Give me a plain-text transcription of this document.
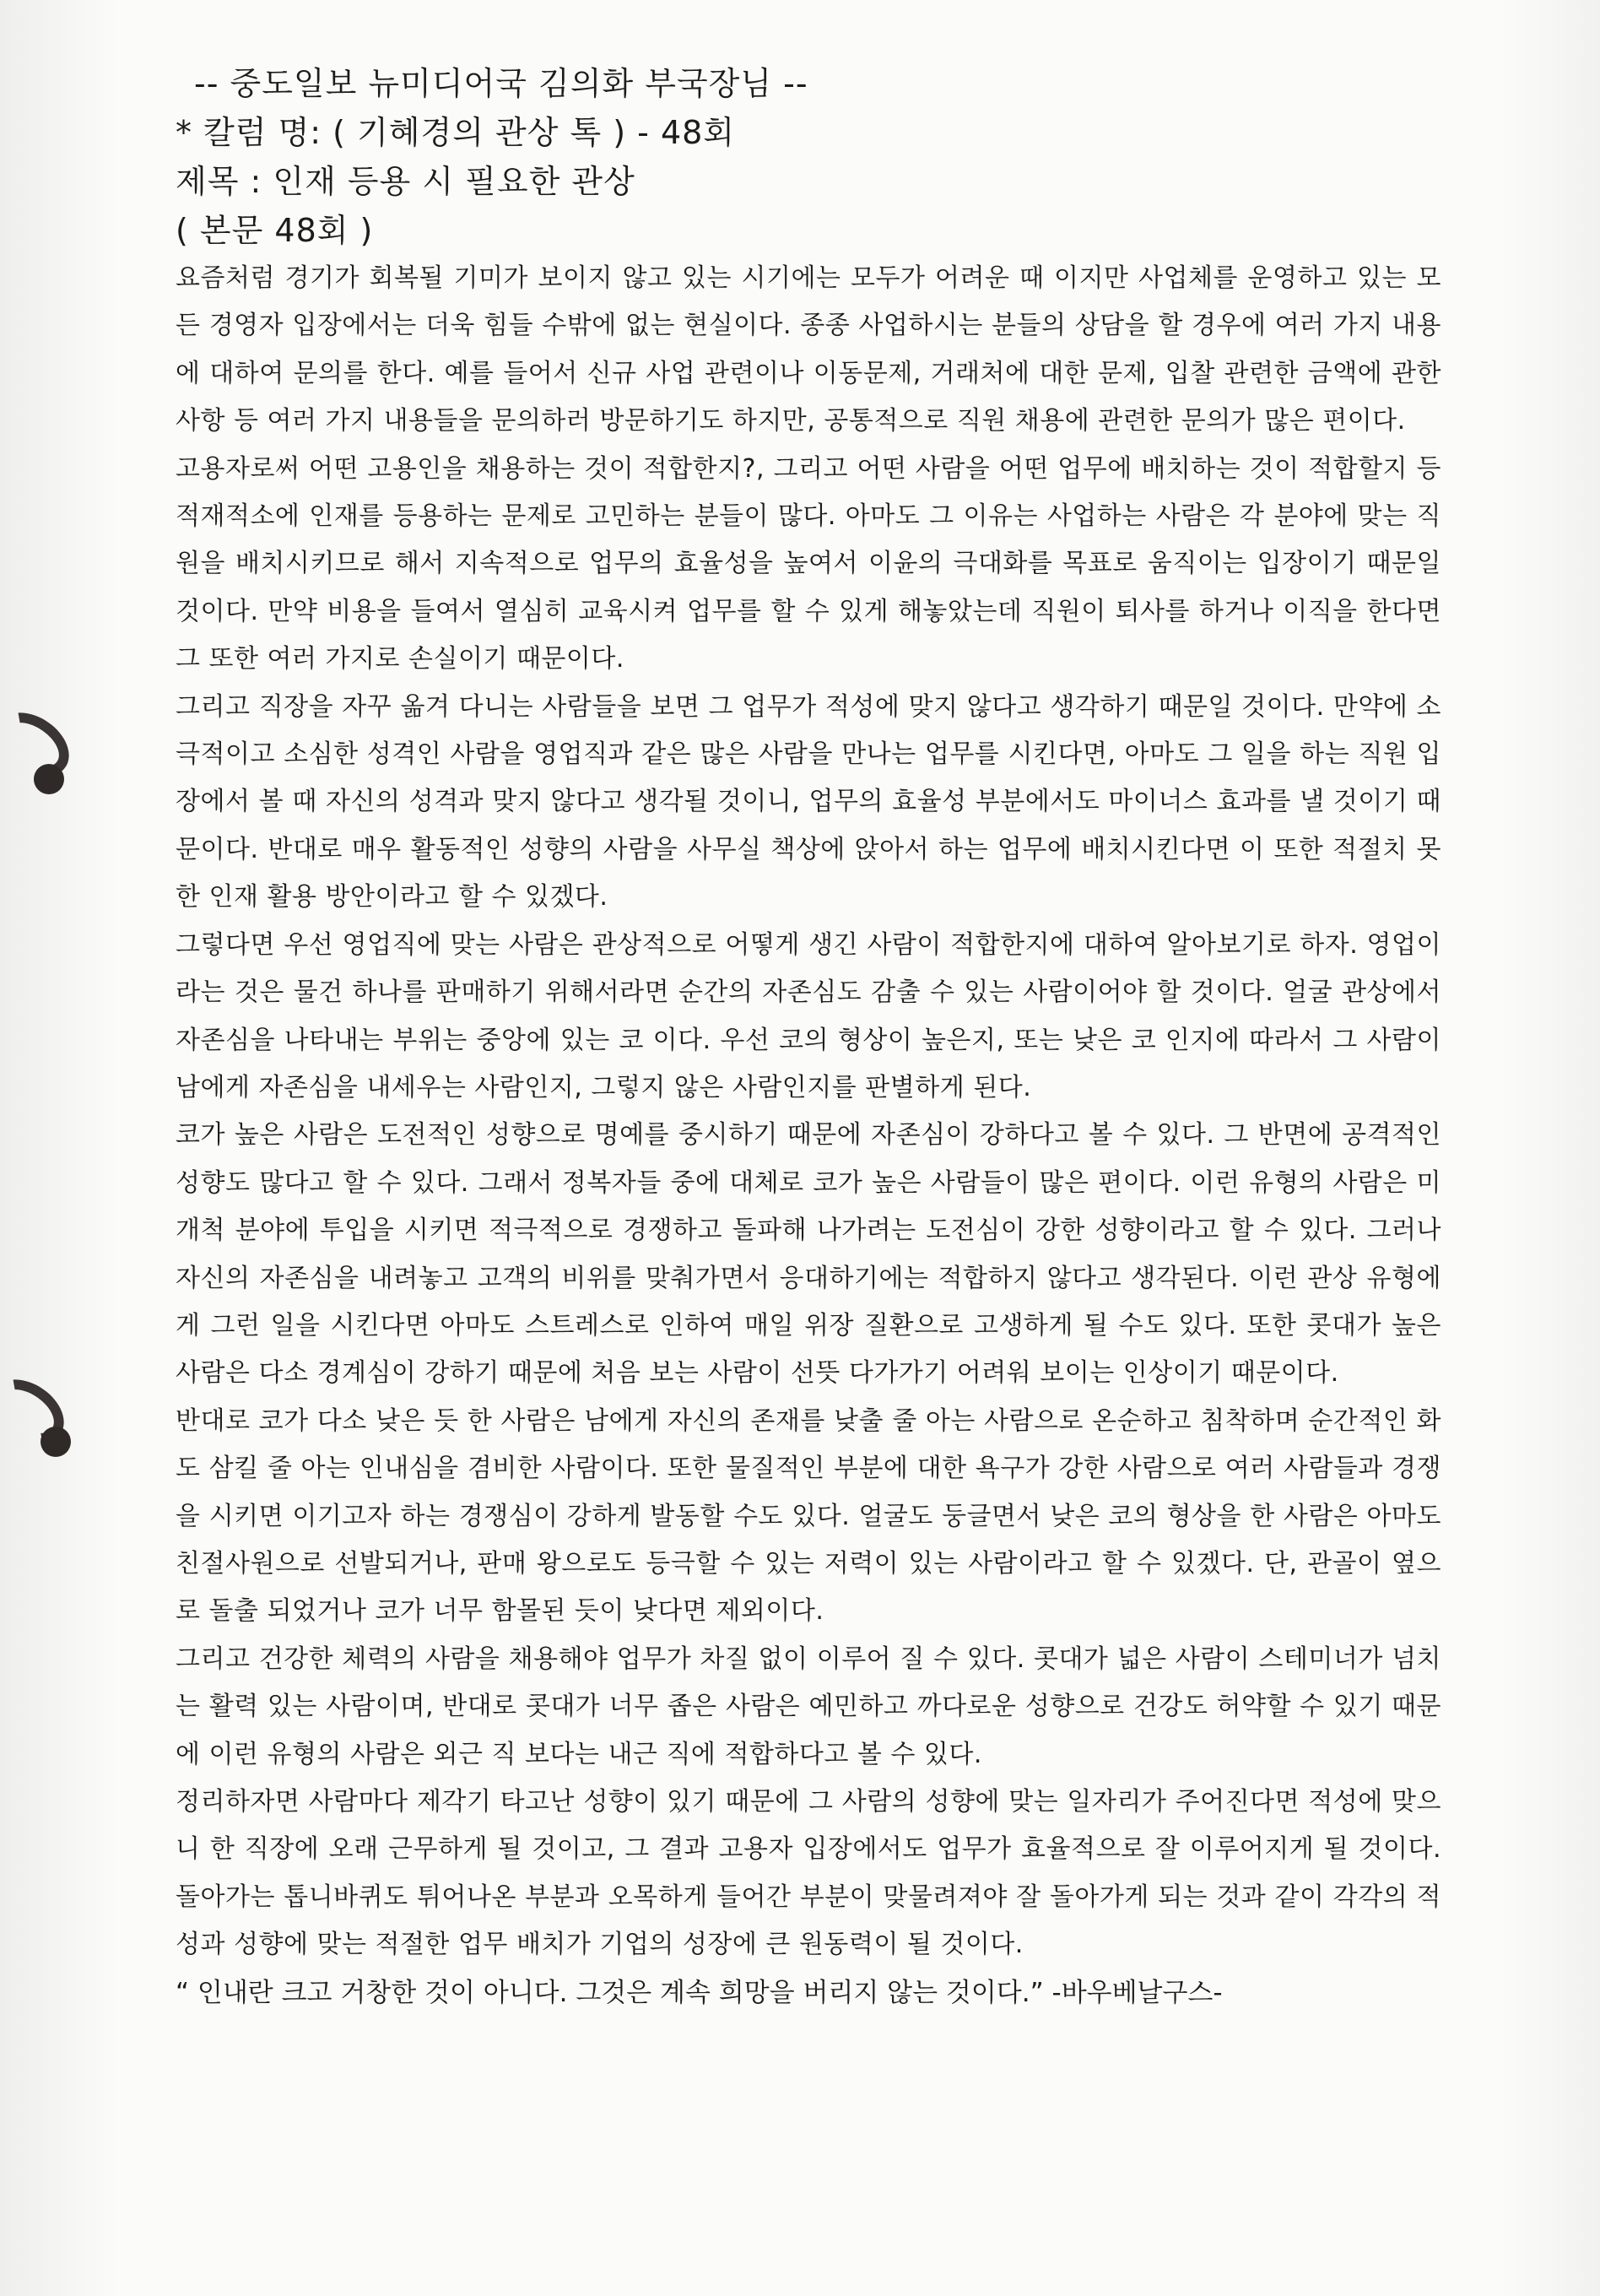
-- 중도일보 뉴미디어국 김의화 부국장님 --
* 칼럼 명: ( 기혜경의 관상 톡 ) - 48회
제목 : 인재 등용 시 필요한 관상
( 본문 48회 )

요즘처럼 경기가 회복될 기미가 보이지 않고 있는 시기에는 모두가 어려운 때 이지만 사업체를 운영하고 있는 모든 경영자 입장에서는 더욱 힘들 수밖에 없는 현실이다. 종종 사업하시는 분들의 상담을 할 경우에 여러 가지 내용에 대하여 문의를 한다. 예를 들어서 신규 사업 관련이나 이동문제, 거래처에 대한 문제, 입찰 관련한 금액에 관한 사항 등 여러 가지 내용들을 문의하러 방문하기도 하지만, 공통적으로 직원 채용에 관련한 문의가 많은 편이다.

고용자로써 어떤 고용인을 채용하는 것이 적합한지?, 그리고 어떤 사람을 어떤 업무에 배치하는 것이 적합할지 등 적재적소에 인재를 등용하는 문제로 고민하는 분들이 많다. 아마도 그 이유는 사업하는 사람은 각 분야에 맞는 직원을 배치시키므로 해서 지속적으로 업무의 효율성을 높여서 이윤의 극대화를 목표로 움직이는 입장이기 때문일 것이다. 만약 비용을 들여서 열심히 교육시켜 업무를 할 수 있게 해놓았는데 직원이 퇴사를 하거나 이직을 한다면 그 또한 여러 가지로 손실이기 때문이다.

그리고 직장을 자꾸 옮겨 다니는 사람들을 보면 그 업무가 적성에 맞지 않다고 생각하기 때문일 것이다. 만약에 소극적이고 소심한 성격인 사람을 영업직과 같은 많은 사람을 만나는 업무를 시킨다면, 아마도 그 일을 하는 직원 입장에서 볼 때 자신의 성격과 맞지 않다고 생각될 것이니, 업무의 효율성 부분에서도 마이너스 효과를 낼 것이기 때문이다. 반대로 매우 활동적인 성향의 사람을 사무실 책상에 앉아서 하는 업무에 배치시킨다면 이 또한 적절치 못한 인재 활용 방안이라고 할 수 있겠다.

그렇다면 우선 영업직에 맞는 사람은 관상적으로 어떻게 생긴 사람이 적합한지에 대하여 알아보기로 하자. 영업이라는 것은 물건 하나를 판매하기 위해서라면 순간의 자존심도 감출 수 있는 사람이어야 할 것이다. 얼굴 관상에서 자존심을 나타내는 부위는 중앙에 있는 코 이다. 우선 코의 형상이 높은지, 또는 낮은 코 인지에 따라서 그 사람이 남에게 자존심을 내세우는 사람인지, 그렇지 않은 사람인지를 판별하게 된다.

코가 높은 사람은 도전적인 성향으로 명예를 중시하기 때문에 자존심이 강하다고 볼 수 있다. 그 반면에 공격적인 성향도 많다고 할 수 있다. 그래서 정복자들 중에 대체로 코가 높은 사람들이 많은 편이다. 이런 유형의 사람은 미개척 분야에 투입을 시키면 적극적으로 경쟁하고 돌파해 나가려는 도전심이 강한 성향이라고 할 수 있다. 그러나 자신의 자존심을 내려놓고 고객의 비위를 맞춰가면서 응대하기에는 적합하지 않다고 생각된다. 이런 관상 유형에게 그런 일을 시킨다면 아마도 스트레스로 인하여 매일 위장 질환으로 고생하게 될 수도 있다. 또한 콧대가 높은 사람은 다소 경계심이 강하기 때문에 처음 보는 사람이 선뜻 다가가기 어려워 보이는 인상이기 때문이다.

반대로 코가 다소 낮은 듯 한 사람은 남에게 자신의 존재를 낮출 줄 아는 사람으로 온순하고 침착하며 순간적인 화도 삼킬 줄 아는 인내심을 겸비한 사람이다. 또한 물질적인 부분에 대한 욕구가 강한 사람으로 여러 사람들과 경쟁을 시키면 이기고자 하는 경쟁심이 강하게 발동할 수도 있다. 얼굴도 둥글면서 낮은 코의 형상을 한 사람은 아마도 친절사원으로 선발되거나, 판매 왕으로도 등극할 수 있는 저력이 있는 사람이라고 할 수 있겠다. 단, 관골이 옆으로 돌출 되었거나 코가 너무 함몰된 듯이 낮다면 제외이다.

그리고 건강한 체력의 사람을 채용해야 업무가 차질 없이 이루어 질 수 있다. 콧대가 넓은 사람이 스테미너가 넘치는 활력 있는 사람이며, 반대로 콧대가 너무 좁은 사람은 예민하고 까다로운 성향으로 건강도 허약할 수 있기 때문에 이런 유형의 사람은 외근 직 보다는 내근 직에 적합하다고 볼 수 있다.

정리하자면 사람마다 제각기 타고난 성향이 있기 때문에 그 사람의 성향에 맞는 일자리가 주어진다면 적성에 맞으니 한 직장에 오래 근무하게 될 것이고, 그 결과 고용자 입장에서도 업무가 효율적으로 잘 이루어지게 될 것이다. 돌아가는 톱니바퀴도 튀어나온 부분과 오목하게 들어간 부분이 맞물려져야 잘 돌아가게 되는 것과 같이 각각의 적성과 성향에 맞는 적절한 업무 배치가 기업의 성장에 큰 원동력이 될 것이다.

“ 인내란 크고 거창한 것이 아니다. 그것은 계속 희망을 버리지 않는 것이다.” -바우베날구스-
